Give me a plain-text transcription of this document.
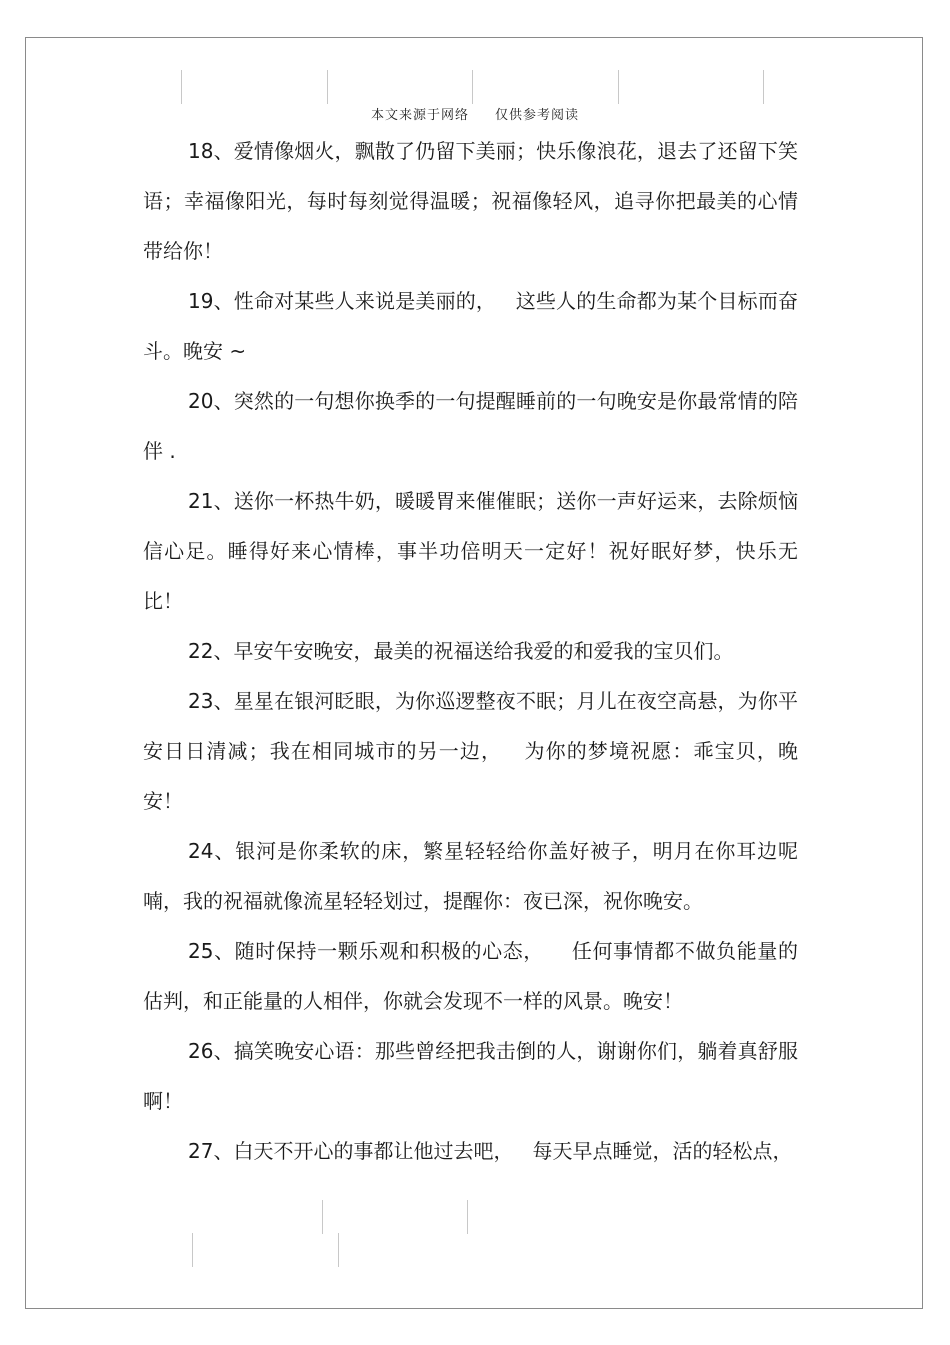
本文来源于网络 仅供参考阅读

18、爱情像烟火，飘散了仍留下美丽；快乐像浪花，退去了还留下笑语；幸福像阳光，每时每刻觉得温暖；祝福像轻风，追寻你把最美的心情带给你！

19、性命对某些人来说是美丽的，   这些人的生命都为某个目标而奋斗。晚安 ~

20、突然的一句想你换季的一句提醒睡前的一句晚安是你最常情的陪伴 .

21、送你一杯热牛奶，暖暖胃来催催眠；送你一声好运来，去除烦恼信心足。睡得好来心情棒，事半功倍明天一定好！祝好眠好梦，快乐无比！

22、早安午安晚安，最美的祝福送给我爱的和爱我的宝贝们。

23、星星在银河眨眼，为你巡逻整夜不眠；月儿在夜空高悬，为你平安日日清减；我在相同城市的另一边，   为你的梦境祝愿：乖宝贝，晚安！

24、银河是你柔软的床，繁星轻轻给你盖好被子，明月在你耳边呢喃，我的祝福就像流星轻轻划过，提醒你：夜已深，祝你晚安。

25、随时保持一颗乐观和积极的心态，    任何事情都不做负能量的估判，和正能量的人相伴，你就会发现不一样的风景。晚安！

26、搞笑晚安心语：那些曾经把我击倒的人，谢谢你们，躺着真舒服啊！

27、白天不开心的事都让他过去吧，   每天早点睡觉，活的轻松点，
